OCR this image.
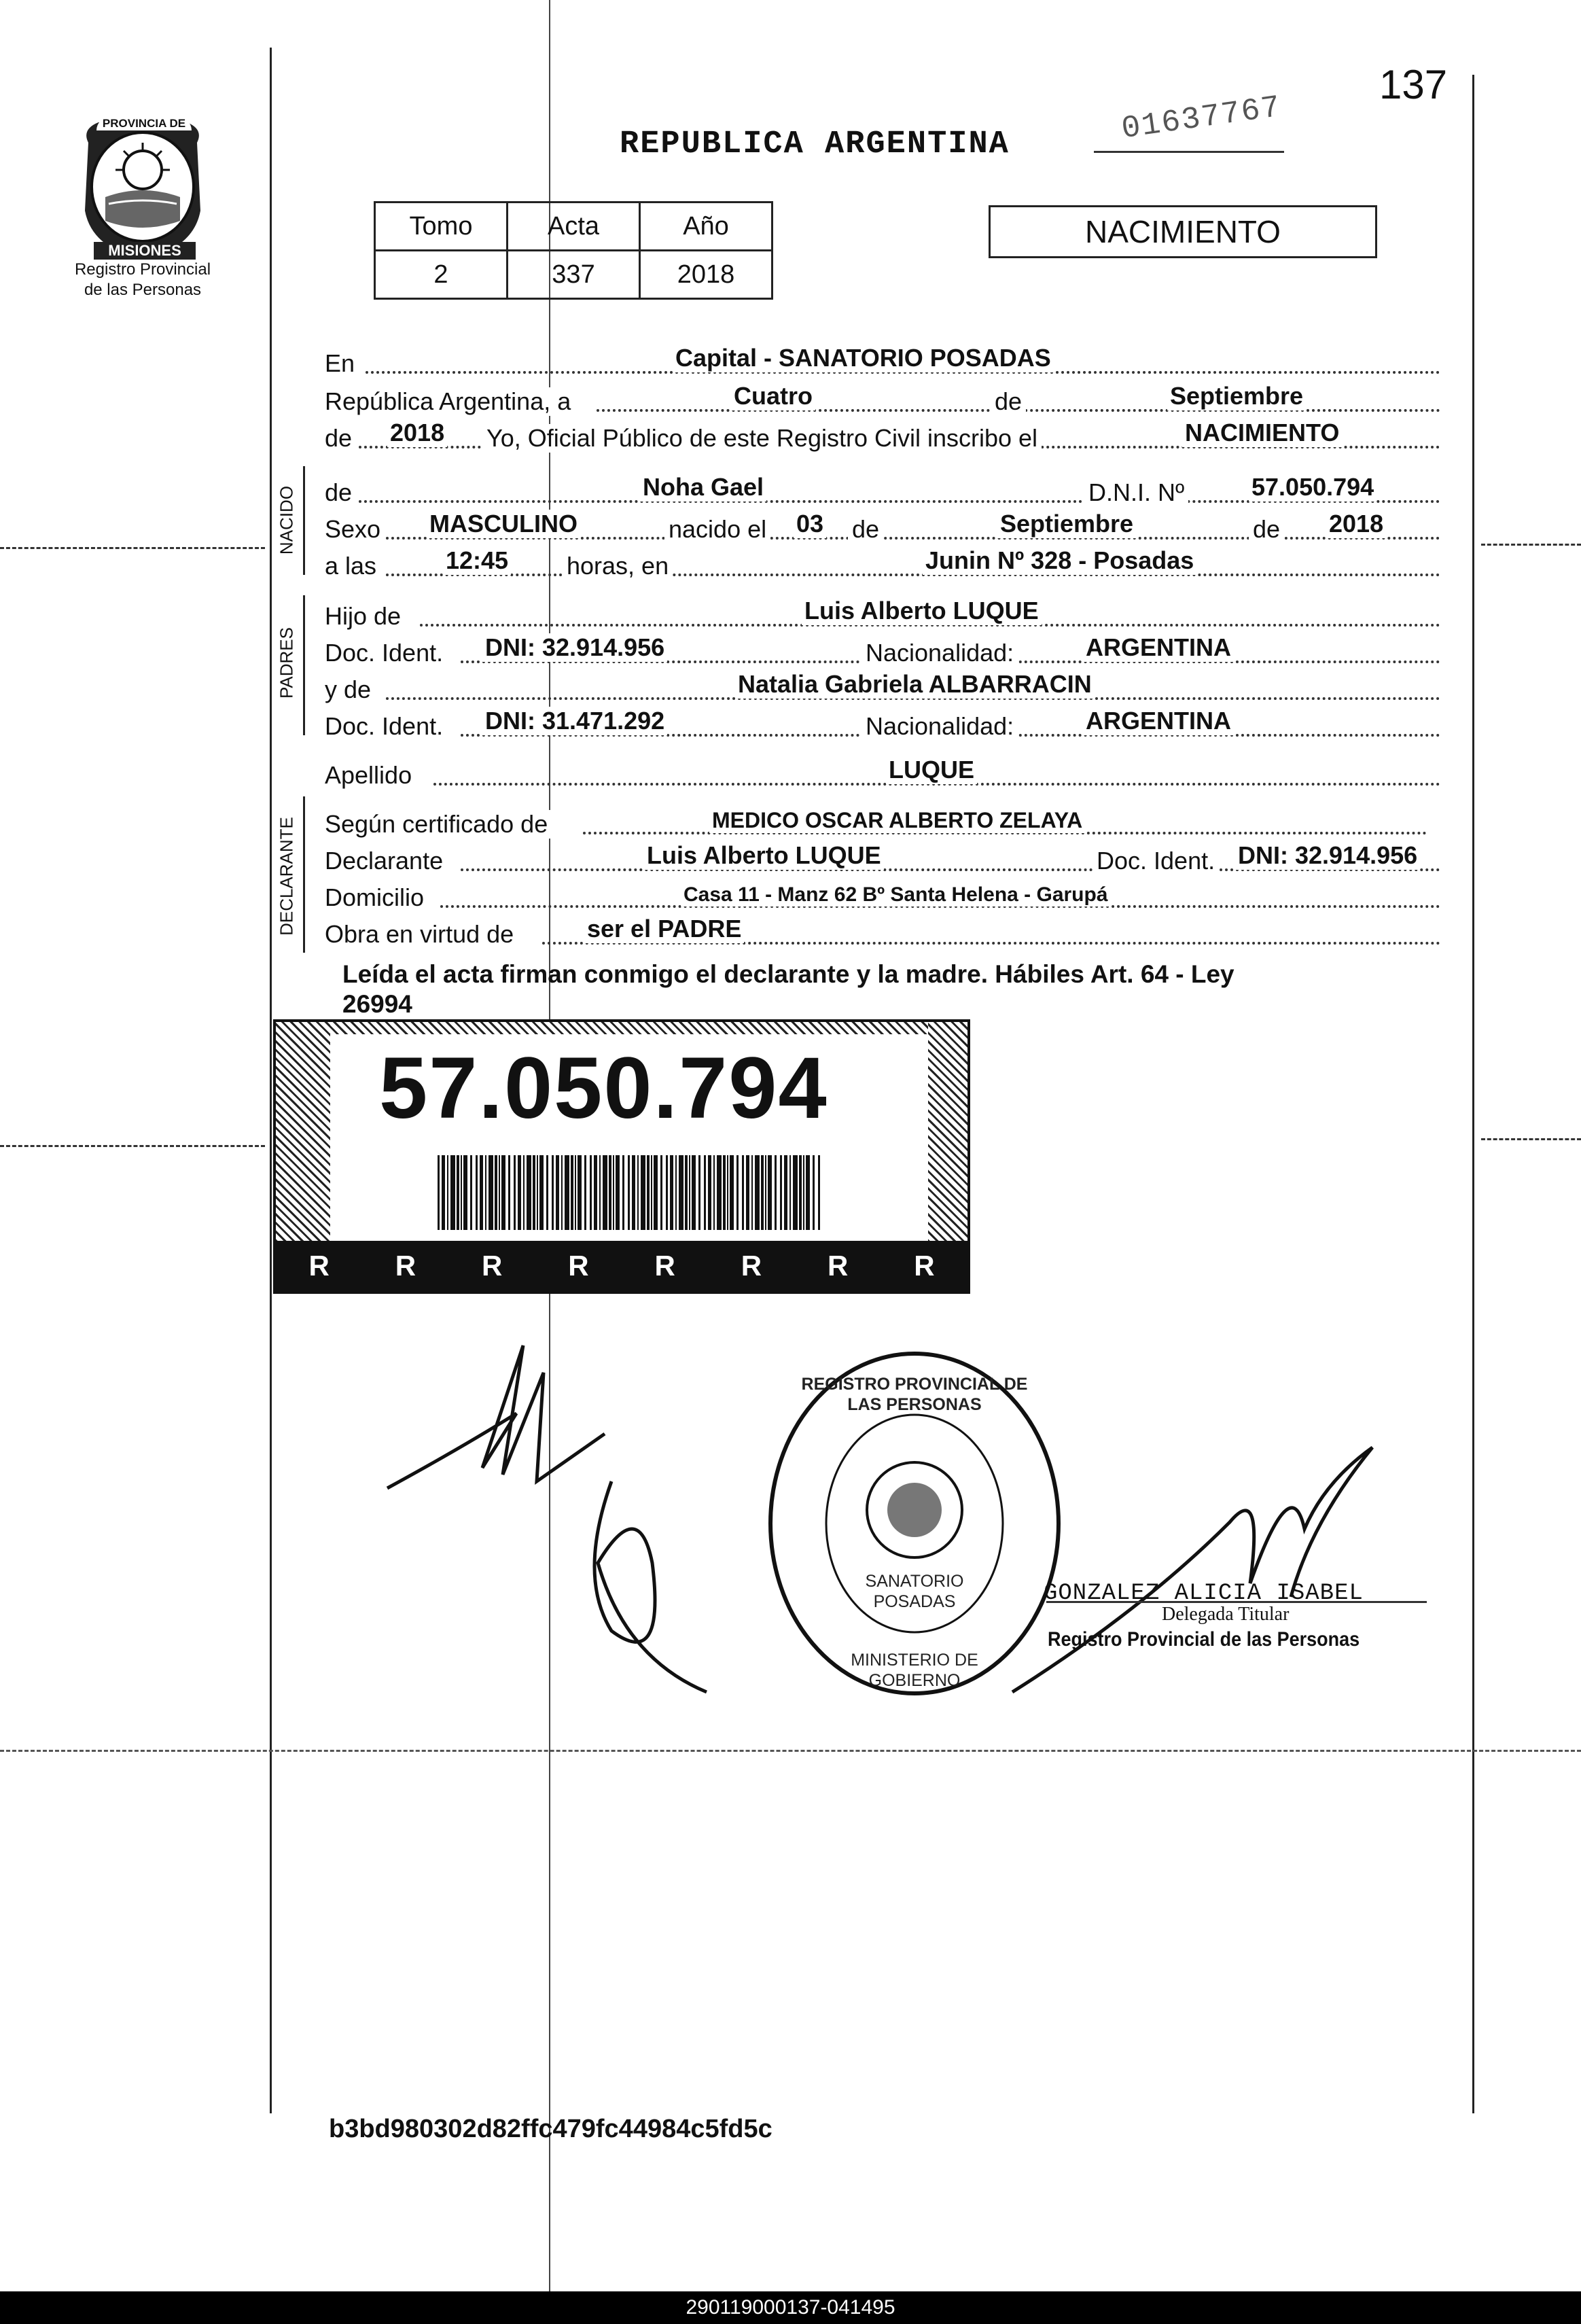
137
PROVINCIA DE
MISIONES
Registro Provincial
de las Personas
REPUBLICA ARGENTINA	01637767
Tomo	Acta	Año
2	337	2018
NACIMIENTO
En	Capital - SANATORIO POSADAS
República Argentina, a	Cuatro	de	Septiembre
de 2018 Yo, Oficial Público de este Registro Civil inscribo el	NACIMIENTO
NACIDO de	Noha Gael	D.N.I. Nº	57.050.794
Sexo MASCULINO	nacido el 03 de	Septiembre	de 2018
a las	12:45 horas, en	Junin Nº 328 - Posadas
PADRES
Hijo de	Luis Alberto LUQUE
Doc. Ident. DNI: 32.914.956	Nacionalidad:	ARGENTINA
y de	Natalia Gabriela ALBARRACIN
Doc. Ident. DNI: 31.471.292	Nacionalidad:	ARGENTINA
Apellido	LUQUE
DECLARANTE Según certificado de	MEDICO OSCAR ALBERTO ZELAYA
Declarante	Luis Alberto LUQUE	Doc. Ident. DNI: 32.914.956
Domicilio	Casa 11 - Manz 62 Bº Santa Helena - Garupá
Obra en virtud de	ser el PADRE
Leída el acta firman conmigo el declarante y la madre. Hábiles Art. 64 - Ley
26994
R R R R R R R R
57.050.794
REGISTRO PROVINCIAL DE LAS PERSONAS
SANATORIO POSADAS
MINISTERIO DE GOBIERNO
GONZALEZ ALICIA ISABEL
Delegada Titular
Registro Provincial de las Personas
b3bd980302d82ffc479fc44984c5fd5c
290119000137-041495
